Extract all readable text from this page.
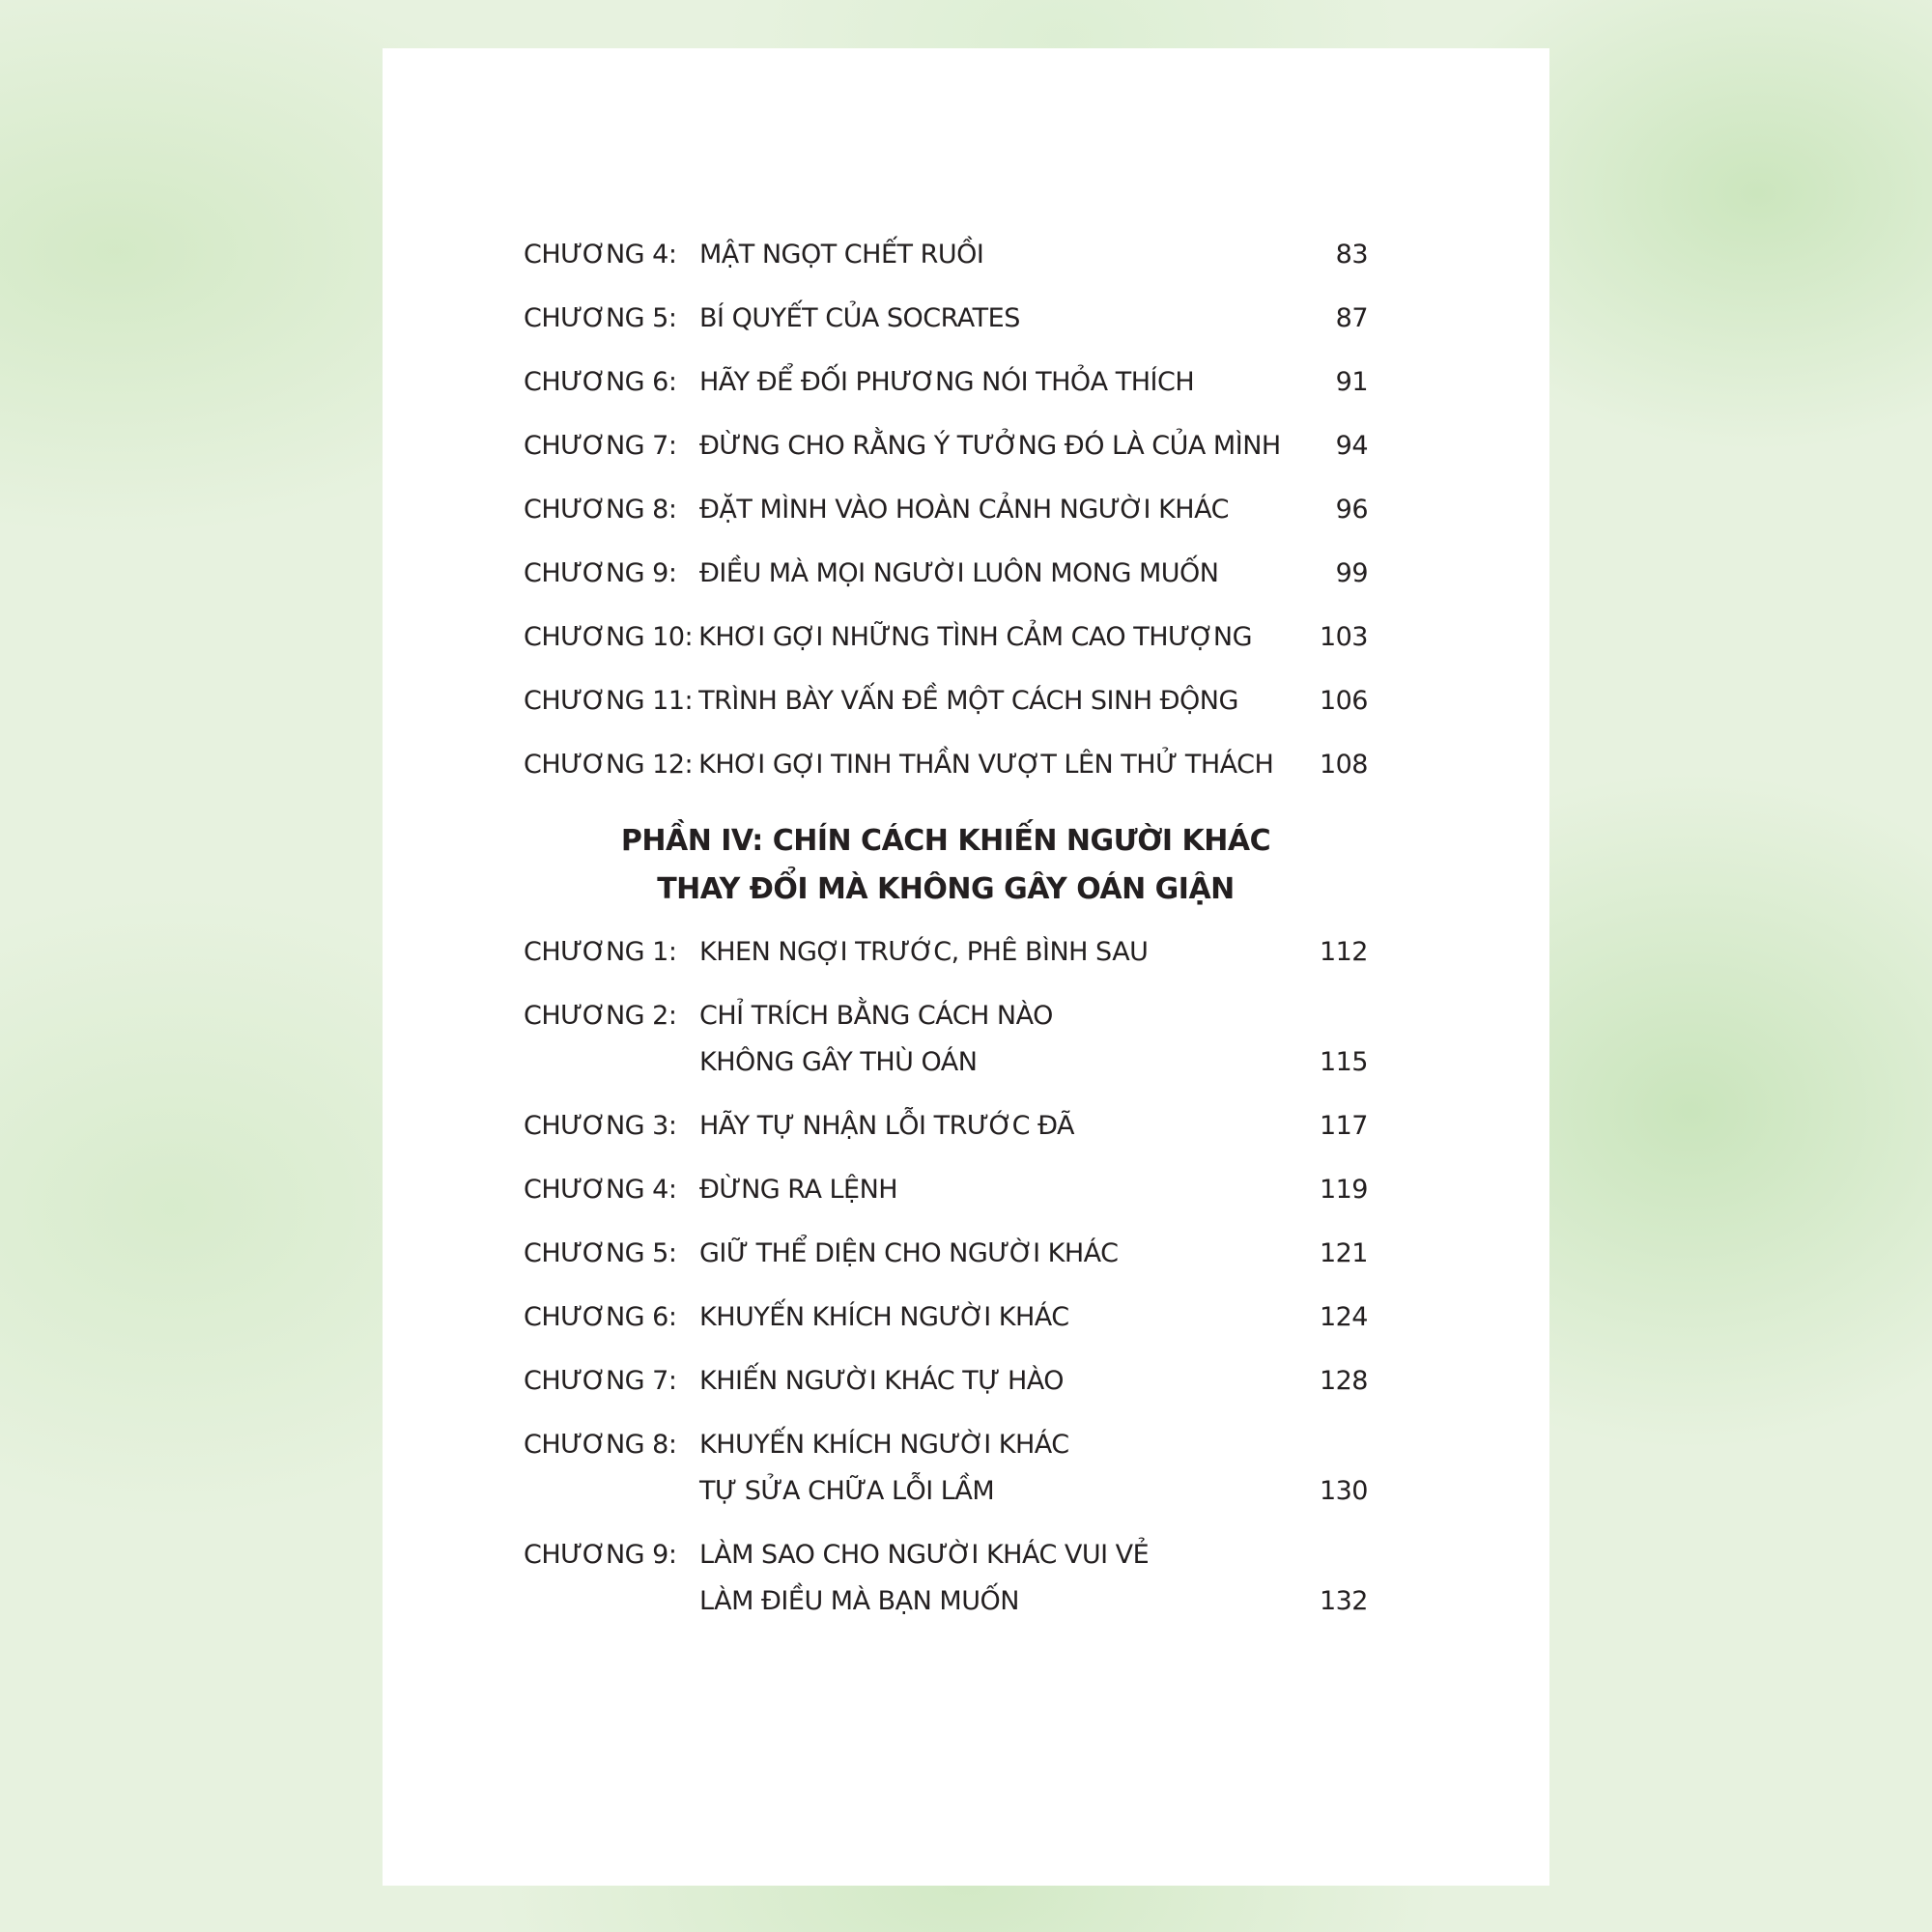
CHƯƠNG 4: MẬT NGỌT CHẾT RUỒI	83
CHƯƠNG 5: BÍ QUYẾT CỦA SOCRATES	87
CHƯƠNG 6: HÃY ĐỂ ĐỐI PHƯƠNG NÓI THỎA THÍCH	91
CHƯƠNG 7: ĐỪNG CHO RẰNG Ý TƯỞNG ĐÓ LÀ CỦA MÌNH	94
CHƯƠNG 8: ĐẶT MÌNH VÀO HOÀN CẢNH NGƯỜI KHÁC	96
CHƯƠNG 9: ĐIỀU MÀ MỌI NGƯỜI LUÔN MONG MUỐN	99
CHƯƠNG 10: KHƠI GỢI NHỮNG TÌNH CẢM CAO THƯỢNG	103
CHƯƠNG 11: TRÌNH BÀY VẤN ĐỀ MỘT CÁCH SINH ĐỘNG	106
CHƯƠNG 12: KHƠI GỢI TINH THẦN VƯỢT LÊN THỬ THÁCH	108
PHẦN IV: CHÍN CÁCH KHIẾN NGƯỜI KHÁC
THAY ĐỔI MÀ KHÔNG GÂY OÁN GIẬN
CHƯƠNG 1: KHEN NGỢI TRƯỚC, PHÊ BÌNH SAU	112
CHƯƠNG 2: CHỈ TRÍCH BẰNG CÁCH NÀO
KHÔNG GÂY THÙ OÁN	115
CHƯƠNG 3: HÃY TỰ NHẬN LỖI TRƯỚC ĐÃ	117
CHƯƠNG 4: ĐỪNG RA LỆNH	119
CHƯƠNG 5: GIỮ THỂ DIỆN CHO NGƯỜI KHÁC	121
CHƯƠNG 6: KHUYẾN KHÍCH NGƯỜI KHÁC	124
CHƯƠNG 7: KHIẾN NGƯỜI KHÁC TỰ HÀO	128
CHƯƠNG 8: KHUYẾN KHÍCH NGƯỜI KHÁC
TỰ SỬA CHỮA LỖI LẦM	130
CHƯƠNG 9: LÀM SAO CHO NGƯỜI KHÁC VUI VẺ
LÀM ĐIỀU MÀ BẠN MUỐN	132
